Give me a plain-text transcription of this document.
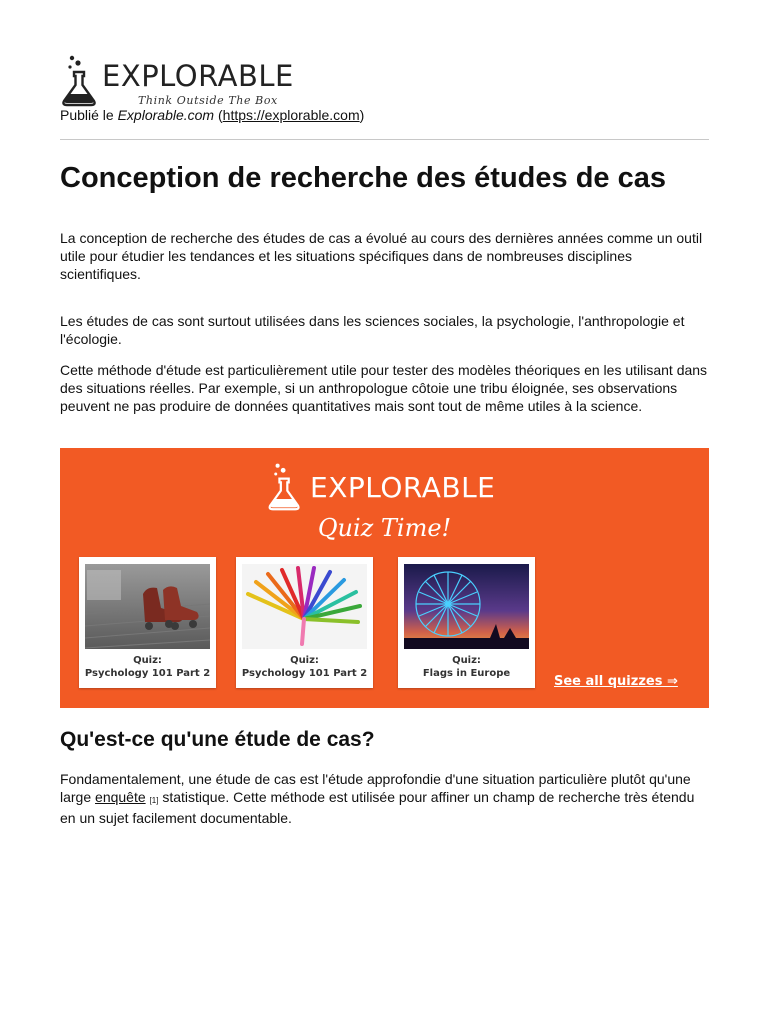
EXPLORABLE
Think Outside The Box
Publié le Explorable.com (https://explorable.com)
Conception de recherche des études de cas

La conception de recherche des études de cas a évolué au cours des dernières années comme un outil utile pour étudier les tendances et les situations spécifiques dans de nombreuses disciplines scientifiques.

Les études de cas sont surtout utilisées dans les sciences sociales, la psychologie, l'anthropologie et l'écologie.

Cette méthode d'étude est particulièrement utile pour tester des modèles théoriques en les utilisant dans des situations réelles. Par exemple, si un anthropologue côtoie une tribu éloignée, ses observations peuvent ne pas produire de données quantitatives mais sont tout de même utiles à la science.

EXPLORABLE
Quiz Time!
Quiz:
Psychology 101 Part 2
Quiz:
Psychology 101 Part 2
Quiz:
Flags in Europe
See all quizzes ⇒
Qu'est-ce qu'une étude de cas?

Fondamentalement, une étude de cas est l'étude approfondie d'une situation particulière plutôt qu'une large enquête [1] statistique. Cette méthode est utilisée pour affiner un champ de recherche très étendu en un sujet facilement documentable.
